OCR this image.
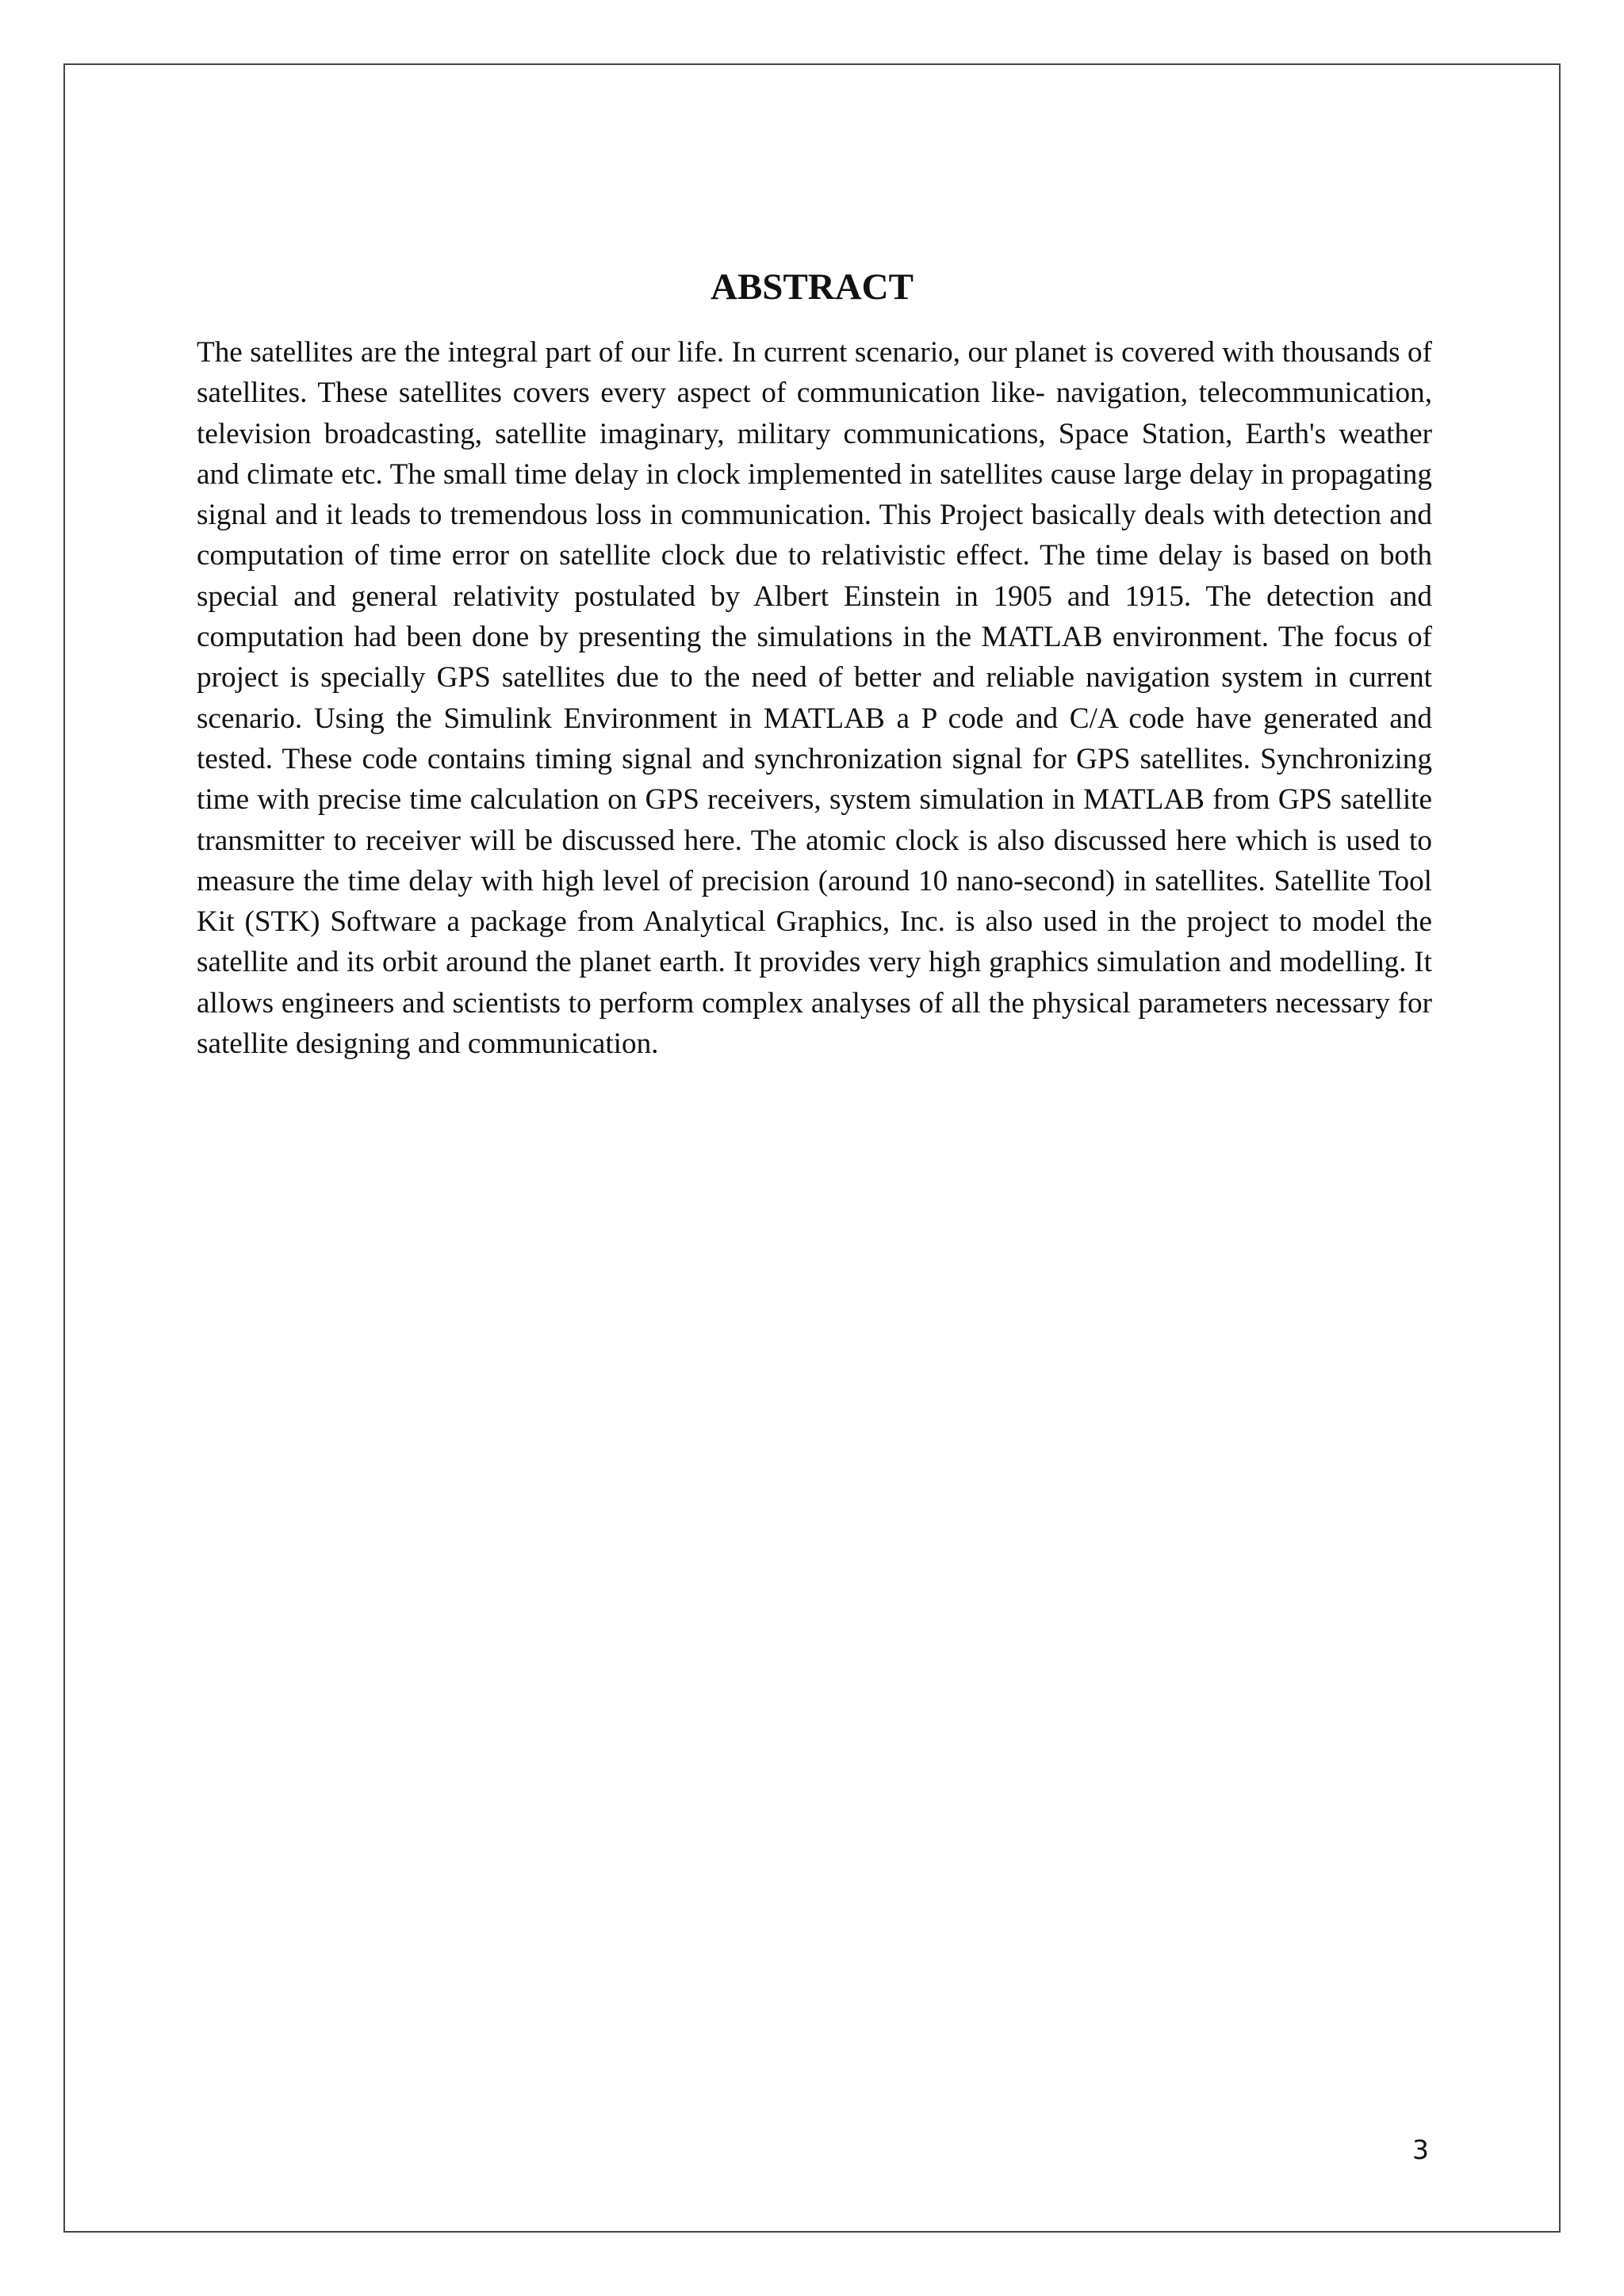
ABSTRACT

The satellites are the integral part of our life. In current scenario, our planet is covered with thousands of satellites. These satellites covers every aspect of communication like- navigation, telecommunication, television broadcasting, satellite imaginary, military communications, Space Station, Earth's weather and climate etc. The small time delay in clock implemented in satellites cause large delay in propagating signal and it leads to tremendous loss in communication. This Project basically deals with detection and computation of time error on satellite clock due to relativistic effect. The time delay is based on both special and general relativity postulated by Albert Einstein in 1905 and 1915. The detection and computation had been done by presenting the simulations in the MATLAB environment. The focus of project is specially GPS satellites due to the need of better and reliable navigation system in current scenario. Using the Simulink Environment in MATLAB a P code and C/A code have generated and tested. These code contains timing signal and synchronization signal for GPS satellites. Synchronizing time with precise time calculation on GPS receivers, system simulation in MATLAB from GPS satellite transmitter to receiver will be discussed here. The atomic clock is also discussed here which is used to measure the time delay with high level of precision (around 10 nano-second) in satellites. Satellite Tool Kit (STK) Software a package from Analytical Graphics, Inc. is also used in the project to model the satellite and its orbit around the planet earth. It provides very high graphics simulation and modelling. It allows engineers and scientists to perform complex analyses of all the physical parameters necessary for satellite designing and communication.

3
